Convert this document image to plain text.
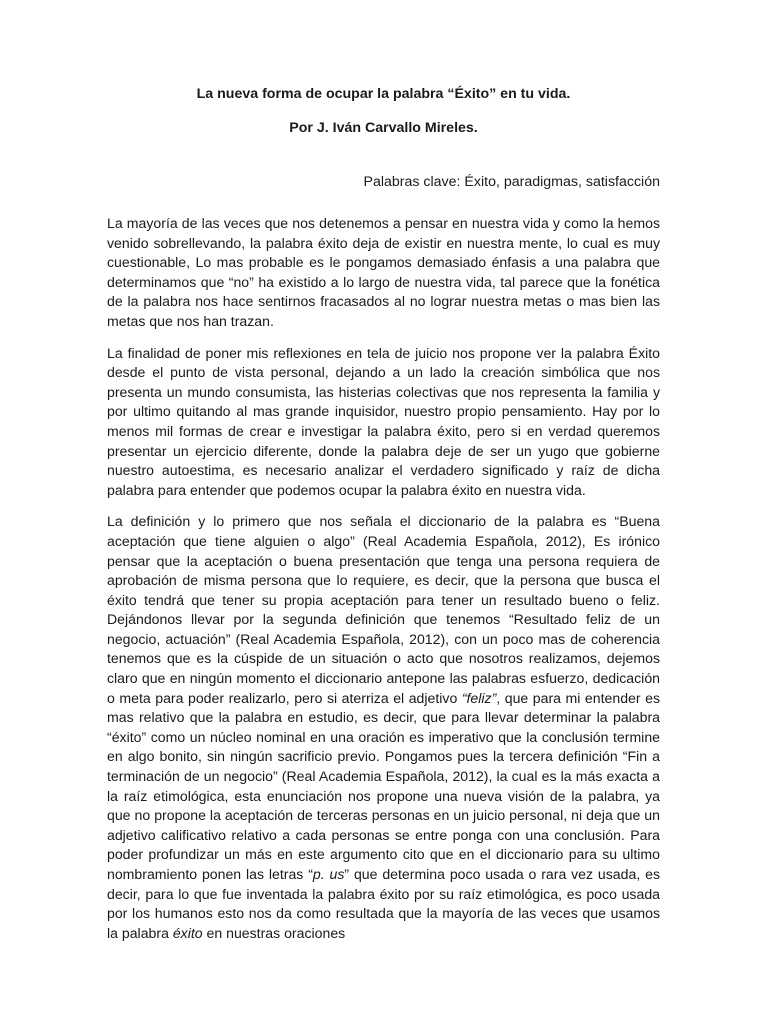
La nueva forma de ocupar la palabra “Éxito” en tu vida.

Por J. Iván Carvallo Mireles.

Palabras clave: Éxito, paradigmas, satisfacción

La mayoría de las veces que nos detenemos a pensar en nuestra vida y como la hemos venido sobrellevando, la palabra éxito deja de existir en nuestra mente, lo cual es muy cuestionable, Lo mas probable es le pongamos demasiado énfasis a una palabra que determinamos que “no” ha existido a lo largo de nuestra vida, tal parece que la fonética de la palabra nos hace sentirnos fracasados al no lograr nuestra metas o mas bien las metas que nos han trazan.

La finalidad de poner mis reflexiones en tela de juicio nos propone ver la palabra Éxito desde el punto de vista personal, dejando a un lado la creación simbólica que nos presenta un mundo consumista, las histerias colectivas que nos representa la familia y por ultimo quitando al mas grande inquisidor, nuestro propio pensamiento. Hay por lo menos mil formas de crear e investigar la palabra éxito, pero si en verdad queremos presentar un ejercicio diferente, donde la palabra deje de ser un yugo que gobierne nuestro autoestima, es necesario analizar el verdadero significado y raíz de dicha palabra para entender que podemos ocupar la palabra éxito en nuestra vida.

La definición y lo primero que nos señala el diccionario de la palabra es “Buena aceptación que tiene alguien o algo” (Real Academia Española, 2012), Es irónico pensar que la aceptación o buena presentación que tenga una persona requiera de aprobación de misma persona que lo requiere, es decir, que la persona que busca el éxito tendrá que tener su propia aceptación para tener un resultado bueno o feliz. Dejándonos llevar por la segunda definición que tenemos “Resultado feliz de un negocio, actuación” (Real Academia Española, 2012), con un poco mas de coherencia tenemos que es la cúspide de un situación o acto que nosotros realizamos, dejemos claro que en ningún momento el diccionario antepone las palabras esfuerzo, dedicación o meta para poder realizarlo, pero si aterriza el adjetivo “feliz”, que para mi entender es mas relativo que la palabra en estudio, es decir, que para llevar determinar la palabra “éxito” como un núcleo nominal en una oración es imperativo que la conclusión termine en algo bonito, sin ningún sacrificio previo. Pongamos pues la tercera definición “Fin a terminación de un negocio” (Real Academia Española, 2012), la cual es la más exacta a la raíz etimológica, esta enunciación nos propone una nueva visión de la palabra, ya que no propone la aceptación de terceras personas en un juicio personal, ni deja que un adjetivo calificativo relativo a cada personas se entre ponga con una conclusión. Para poder profundizar un más en este argumento cito que en el diccionario para su ultimo nombramiento ponen las letras “p. us” que determina poco usada o rara vez usada, es decir, para lo que fue inventada la palabra éxito por su raíz etimológica, es poco usada por los humanos esto nos da como resultada que la mayoría de las veces que usamos la palabra éxito en nuestras oraciones
